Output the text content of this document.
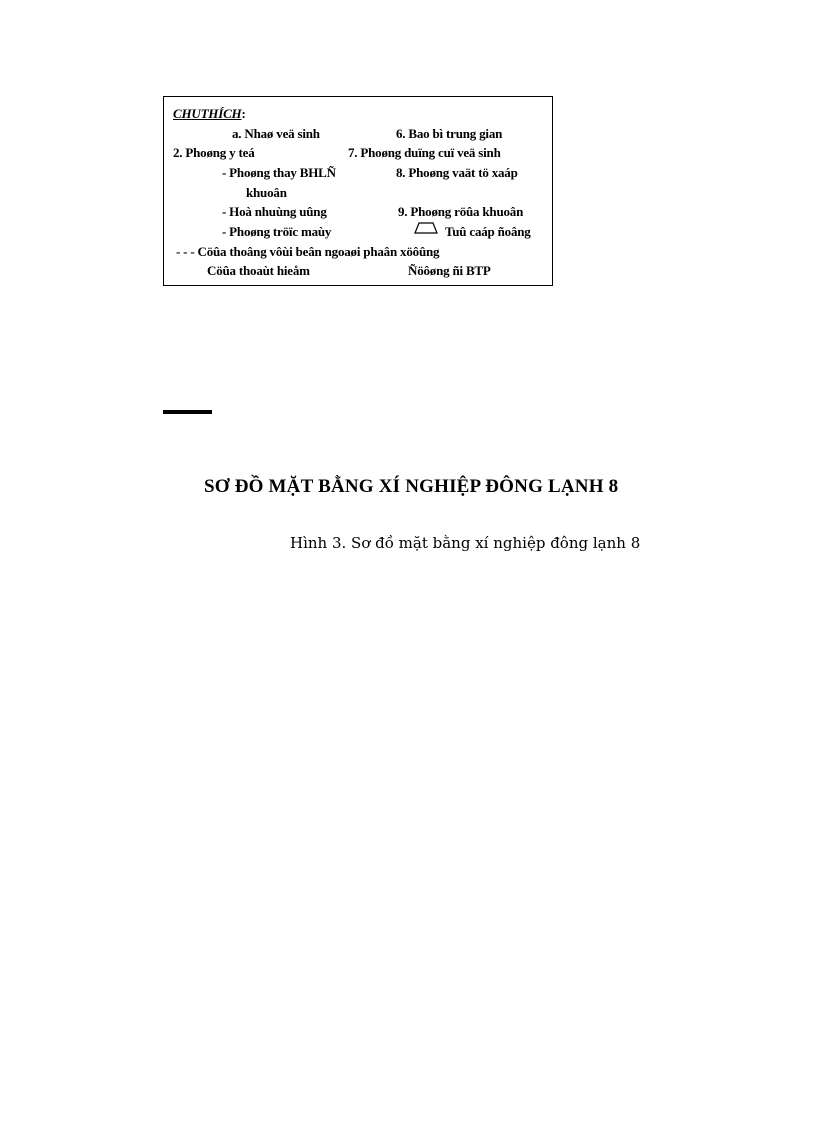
CHUTHÍCH:
a. Nhaø veä sinh	6. Bao bì trung gian
2. Phoøng y teá	7. Phoøng duïng cuï veä sinh
- Phoøng thay BHLÑ	8. Phoøng vaät tö xaáp
khuoân
- Hoà nhuùng uûng	9. Phoøng röûa khuoân
- Phoøng tröïc maùy	Tuû caáp ñoâng
- - - Cöûa thoâng vôùi beân ngoaøi phaân xöôûng
Cöûa thoaùt hieåm	Ñöôøng ñi BTP
SƠ ĐỒ MẶT BẰNG XÍ NGHIỆP ĐÔNG LẠNH 8
Hình 3. Sơ đồ mặt bằng xí nghiệp đông lạnh 8
